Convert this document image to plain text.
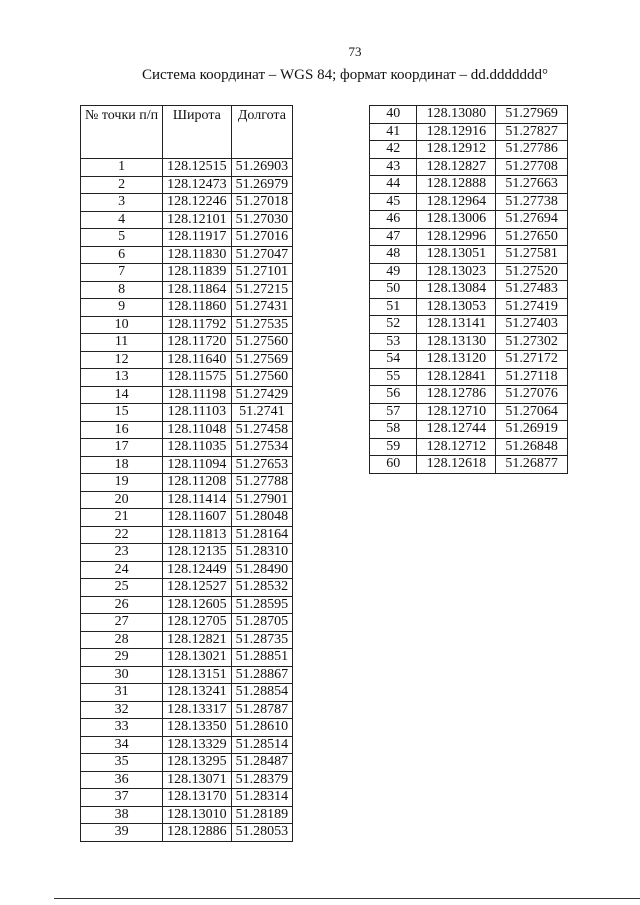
73
Система координат – WGS 84; формат координат – dd.ddddddd°
№ точки п/п	Широта	Долгота
1	128.12515	51.26903
2	128.12473	51.26979
3	128.12246	51.27018
4	128.12101	51.27030
5	128.11917	51.27016
6	128.11830	51.27047
7	128.11839	51.27101
8	128.11864	51.27215
9	128.11860	51.27431
10	128.11792	51.27535
11	128.11720	51.27560
12	128.11640	51.27569
13	128.11575	51.27560
14	128.11198	51.27429
15	128.11103	51.2741
16	128.11048	51.27458
17	128.11035	51.27534
18	128.11094	51.27653
19	128.11208	51.27788
20	128.11414	51.27901
21	128.11607	51.28048
22	128.11813	51.28164
23	128.12135	51.28310
24	128.12449	51.28490
25	128.12527	51.28532
26	128.12605	51.28595
27	128.12705	51.28705
28	128.12821	51.28735
29	128.13021	51.28851
30	128.13151	51.28867
31	128.13241	51.28854
32	128.13317	51.28787
33	128.13350	51.28610
34	128.13329	51.28514
35	128.13295	51.28487
36	128.13071	51.28379
37	128.13170	51.28314
38	128.13010	51.28189
39	128.12886	51.28053
40	128.13080	51.27969
41	128.12916	51.27827
42	128.12912	51.27786
43	128.12827	51.27708
44	128.12888	51.27663
45	128.12964	51.27738
46	128.13006	51.27694
47	128.12996	51.27650
48	128.13051	51.27581
49	128.13023	51.27520
50	128.13084	51.27483
51	128.13053	51.27419
52	128.13141	51.27403
53	128.13130	51.27302
54	128.13120	51.27172
55	128.12841	51.27118
56	128.12786	51.27076
57	128.12710	51.27064
58	128.12744	51.26919
59	128.12712	51.26848
60	128.12618	51.26877
